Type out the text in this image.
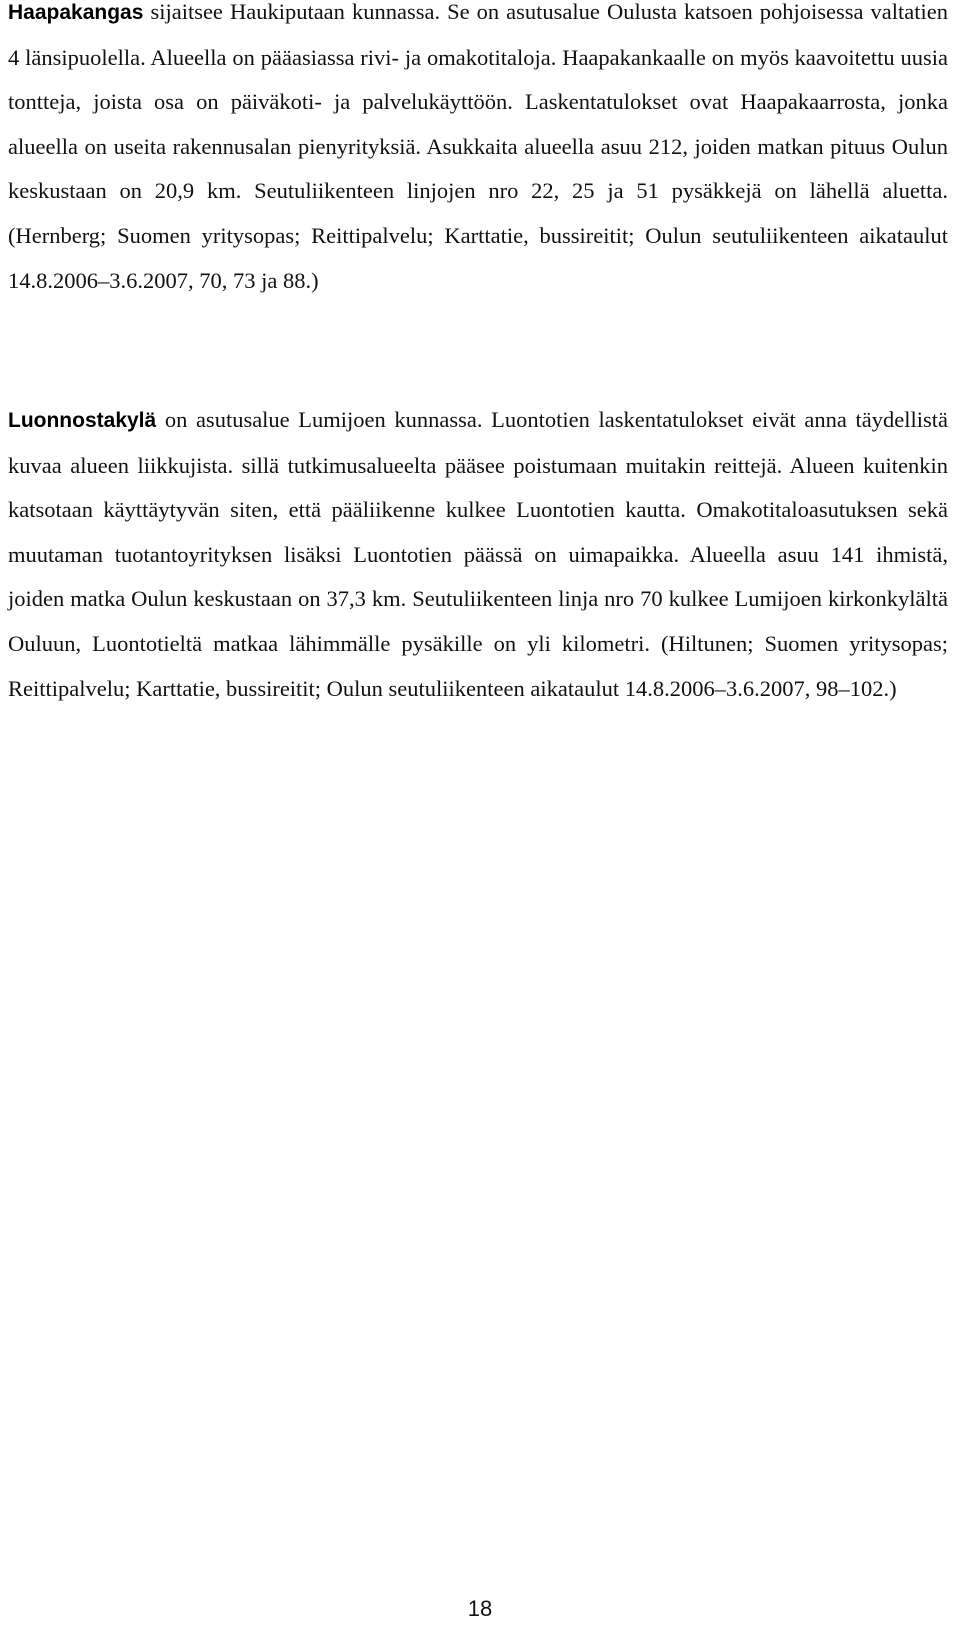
Haapakangas sijaitsee Haukiputaan kunnassa. Se on asutusalue Oulusta katsoen pohjoisessa valtatien 4 länsipuolella. Alueella on pääasiassa rivi- ja omakotitaloja. Haapakankaalle on myös kaavoitettu uusia tontteja, joista osa on päiväkoti- ja palvelukäyttöön. Laskentatulokset ovat Haapakaarrosta, jonka alueella on useita rakennusalan pienyrityksiä. Asukkaita alueella asuu 212, joiden matkan pituus Oulun keskustaan on 20,9 km. Seutuliikenteen linjojen nro 22, 25 ja 51 pysäkkejä on lähellä aluetta. (Hernberg; Suomen yritysopas; Reittipalvelu; Karttatie, bussireitit; Oulun seutuliikenteen aikataulut 14.8.2006–3.6.2007, 70, 73 ja 88.)

Luonnostakylä on asutusalue Lumijoen kunnassa. Luontotien laskentatulokset eivät anna täydellistä kuvaa alueen liikkujista. sillä tutkimusalueelta pääsee poistumaan muitakin reittejä. Alueen kuitenkin katsotaan käyttäytyvän siten, että pääliikenne kulkee Luontotien kautta. Omakotitaloasutuksen sekä muutaman tuotantoyrityksen lisäksi Luontotien päässä on uimapaikka. Alueella asuu 141 ihmistä, joiden matka Oulun keskustaan on 37,3 km. Seutuliikenteen linja nro 70 kulkee Lumijoen kirkonkylältä Ouluun, Luontotieltä matkaa lähimmälle pysäkille on yli kilometri. (Hiltunen; Suomen yritysopas; Reittipalvelu; Karttatie, bussireitit; Oulun seutuliikenteen aikataulut 14.8.2006–3.6.2007, 98–102.)

18
